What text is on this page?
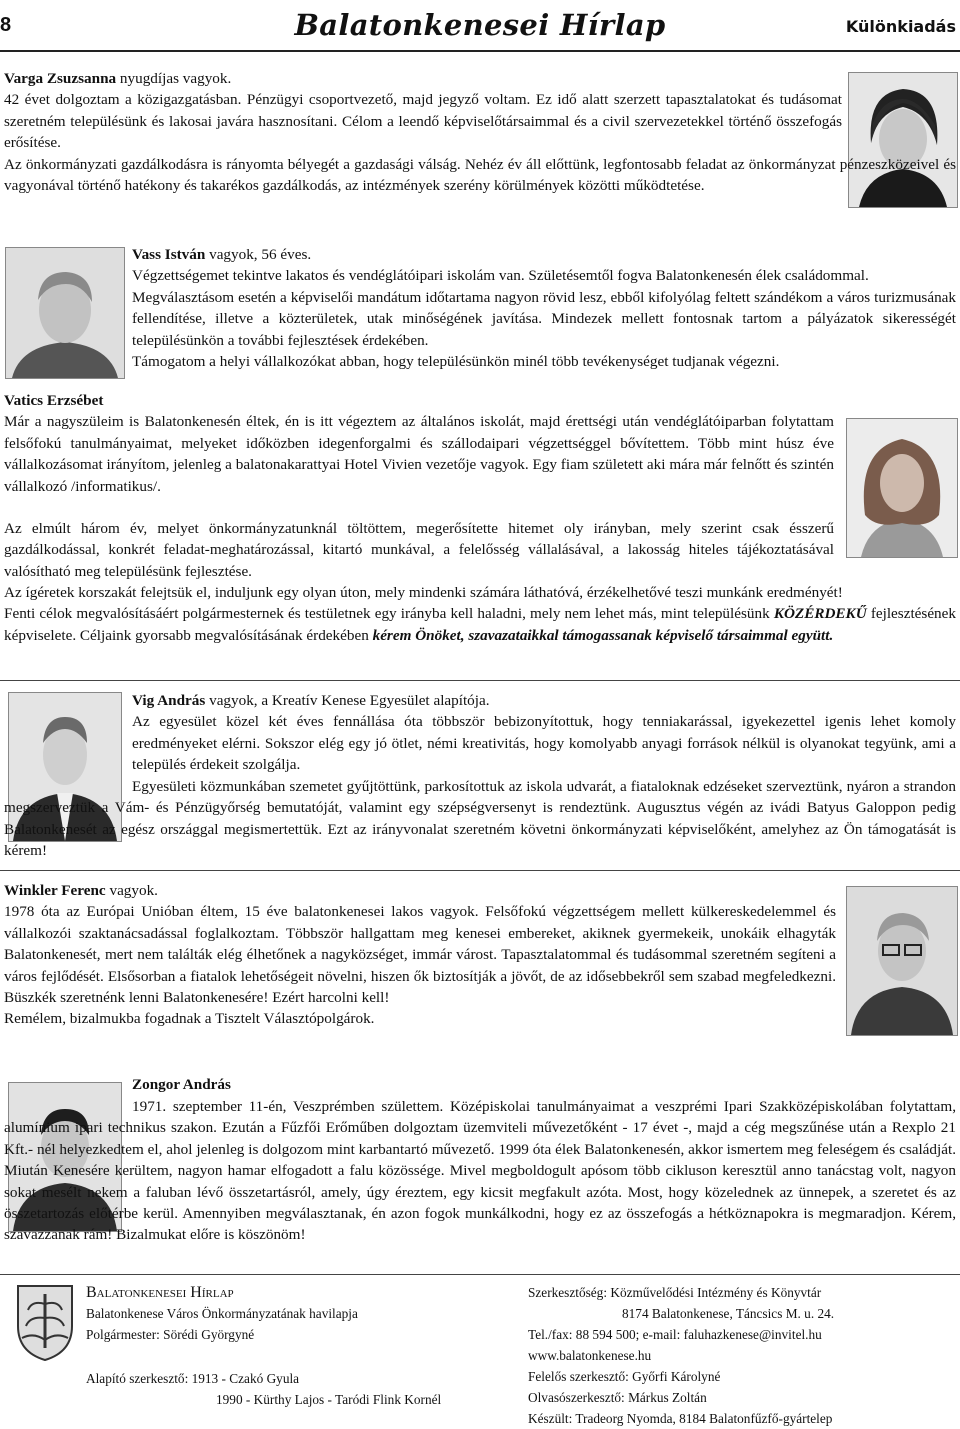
8	Balatonkenesei Hírlap	Különkiadás

Varga Zsuzsanna nyugdíjas vagyok.

42 évet dolgoztam a közigazgatásban. Pénzügyi csoportvezető, majd jegyző voltam. Ez idő alatt szerzett tapasztalatokat és tudásomat szeretném településünk és lakosai javára hasznosítani. Célom a leendő képviselőtársaimmal és a civil szervezetekkel történő összefogás erősítése.

Az önkormányzati gazdálkodásra is rányomta bélyegét a gazdasági válság. Nehéz év áll előttünk, legfontosabb feladat az önkormányzat pénzeszközeivel és vagyonával történő hatékony és takarékos gazdálkodás, az intézmények szerény körülmények közötti működtetése.

Vass István vagyok, 56 éves.

Végzettségemet tekintve lakatos és vendéglátóipari iskolám van. Születésemtől fogva Balatonkenesén élek családommal.

Megválasztásom esetén a képviselői mandátum időtartama nagyon rövid lesz, ebből kifolyólag feltett szándékom a város turizmusának fellendítése, illetve a közterületek, utak minőségének javítása. Mindezek mellett fontosnak tartom a pályázatok sikerességét településünkön a további fejlesztések érdekében.

Támogatom a helyi vállalkozókat abban, hogy településünkön minél több tevékenységet tudjanak végezni.

Vatics Erzsébet

Már a nagyszüleim is Balatonkenesén éltek, én is itt végeztem az általános iskolát, majd érettségi után vendéglátóiparban folytattam felsőfokú tanulmányaimat, melyeket időközben idegenforgalmi és szállodaipari végzettséggel bővítettem. Több mint húsz éve vállalkozásomat irányítom, jelenleg a balatonakarattyai Hotel Vivien vezetője vagyok. Egy fiam született aki mára már felnőtt és szintén vállalkozó /informatikus/.

Az elmúlt három év, melyet önkormányzatunknál töltöttem, megerősítette hitemet oly irányban, mely szerint csak ésszerű gazdálkodással, konkrét feladat-meghatározással, kitartó munkával, a felelősség vállalásával, a lakosság hiteles tájékoztatásával valósítható meg településünk fejlesztése.

Az ígéretek korszakát felejtsük el, induljunk egy olyan úton, mely mindenki számára láthatóvá, érzékelhetővé teszi munkánk eredményét!

Fenti célok megvalósításáért polgármesternek és testületnek egy irányba kell haladni, mely nem lehet más, mint településünk KÖZÉRDEKŰ fejlesztésének képviselete. Céljaink gyorsabb megvalósításának érdekében kérem Önöket, szavazataikkal támogassanak képviselő társaimmal együtt.

Vig András vagyok, a Kreatív Kenese Egyesület alapítója.

Az egyesület közel két éves fennállása óta többször bebizonyítottuk, hogy tenniakarással, igyekezettel igenis lehet komoly eredményeket elérni. Sokszor elég egy jó ötlet, némi kreativitás, hogy komolyabb anyagi források nélkül is olyanokat tegyünk, ami a település érdekeit szolgálja.

Egyesületi közmunkában szemetet gyűjtöttünk, parkosítottuk az iskola udvarát, a fiataloknak edzéseket szerveztünk, nyáron a strandon megszerveztük a Vám- és Pénzügyőrség bemutatóját, valamint egy szépségversenyt is rendeztünk. Augusztus végén az ivádi Batyus Galoppon pedig Balatonkenesét az egész országgal megismertettük. Ezt az irányvonalat szeretném követni önkormányzati képviselőként, amelyhez az Ön támogatását is kérem!

Winkler Ferenc vagyok.

1978 óta az Európai Unióban éltem, 15 éve balatonkenesei lakos vagyok. Felsőfokú végzettségem mellett külkereskedelemmel és vállalkozói szaktanácsadással foglalkoztam. Többször hallgattam meg kenesei embereket, akiknek gyermekeik, unokáik elhagyták Balatonkenesét, mert nem találták elég élhetőnek a nagyközséget, immár várost. Tapasztalatommal és tudásommal szeretném segíteni a város fejlődését. Elsősorban a fiatalok lehetőségeit növelni, hiszen ők biztosítják a jövőt, de az idősebbekről sem szabad megfeledkezni. Büszkék szeretnénk lenni Balatonkenesére! Ezért harcolni kell!

Remélem, bizalmukba fogadnak a Tisztelt Választópolgárok.

Zongor András

1971. szeptember 11-én, Veszprémben születtem. Középiskolai tanulmányaimat a veszprémi Ipari Szakközépiskolában folytattam, alumínium ipari technikus szakon. Ezután a Fűzfői Erőműben dolgoztam üzemviteli művezetőként - 17 évet -, majd a cég megszűnése után a Rexplo 21 Kft.- nél helyezkedtem el, ahol jelenleg is dolgozom mint karbantartó művezető. 1999 óta élek Balatonkenesén, akkor ismertem meg feleségem és családját. Miután Kenesére kerültem, nagyon hamar elfogadott a falu közössége. Mivel megboldogult apósom több cikluson keresztül anno tanácstag volt, nagyon sokat mesélt nekem a faluban lévő összetartásról, amely, úgy éreztem, egy kicsit megfakult azóta. Most, hogy közelednek az ünnepek, a szeretet és az összetartozás előtérbe kerül. Amennyiben megválasztanak, én azon fogok munkálkodni, hogy ez az összefogás a hétköznapokra is megmaradjon. Kérem, szavazzanak rám! Bizalmukat előre is köszönöm!

Balatonkenesei Hírlap
Balatonkenese Város Önkormányzatának havilapja
Polgármester: Sörédi Györgyné
Alapító szerkesztő: 1913 - Czakó Gyula
1990 - Kürthy Lajos - Taródi Flink Kornél
Szerkesztőség: Közművelődési Intézmény és Könyvtár
8174 Balatonkenese, Táncsics M. u. 24.
Tel./fax: 88 594 500; e-mail: faluhazkenese@invitel.hu
www.balatonkenese.hu
Felelős szerkesztő: Győrfi Károlyné
Olvasószerkesztő: Márkus Zoltán
Készült: Tradeorg Nyomda, 8184 Balatonfűzfő-gyártelep
